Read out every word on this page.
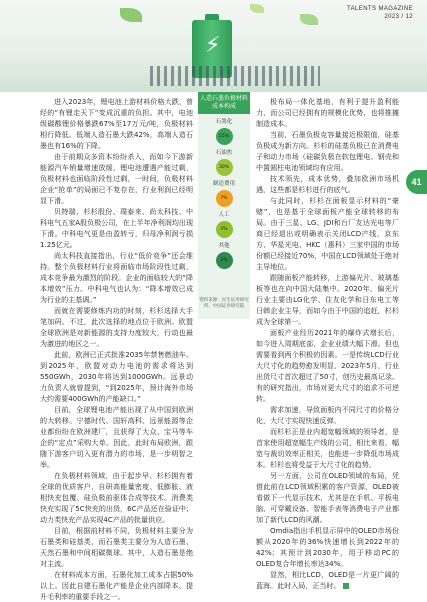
⚡
TALENTS MAGAZINE
2023 / 12

进入2023年，锂电池上游材料价格大跌，曾经的“有锂走天下”变成沉重的负担。其中，电池级碳酸锂价格暴跌67%至17万元/吨，负极材料相行降低。低端人造石墨大跌42%，高端人造石墨也有16%的下降。

由于前期众多资本纷纷杀入，而如今下游新能源汽车销量增速放缓，锂电池遭遇产能过剩，负极材料也面临阶段性过剩，一时间，负极材料企业“抢单”的局面已不复存在，行业利润已经明显下滑。

贝特瑞、杉杉股份、璞泰来、尚太科技、中科电气五家A股负极公司，在上半年净利润均出现下滑。中科电气更是由盈转亏，归母净利润亏损1.25亿元。

尚太科技直接指出，行业“低价竞争”还会维持。整个负极材料行业将面临市场阶段性过剩，成本竞争最为激烈的阶段。企业的面临较大的“降本增效”压力。中科电气也认为：“降本增效已成为行业的主基调。”

而就在需要修炼内功的时刻，杉杉选择大手笔加码。不过，此次选择的地点位于欧洲。欧盟全球欧洲是对新能源的支持力度较大，行动也最为激进的地区之一。

此前，欧洲已正式批准2035年禁售燃油车。到2025年，欧盟对动力电池的需求将达到550GWh，2030年将达到1000GWh。远景动力负责人就曾提到，“到2025年，预计海外市场大约需要400GWh的产能缺口。”

目前，全球锂电池产能出现了从中国到欧洲的大转移。宁德时代、国轩高科、远景能源等企业都纷纷在欧洲建厂，且获得了大众、宝马等车企的“定点”采购大单。因此，此时布局欧洲，跟随下游客户切入更有潜力的市场，是一步明智之举。

在负极材料领域，由于起步早、杉杉拥有着全球的优质客户，自研高能量密度、低膨胀、液相快充包覆、硅负极前驱体合成等技术。消费类快充实现了5C快充的出货，6C产品还在验证中；动力类快充产品实现4C产品的批量供应。

目前，根据前材料不同，负极材料主要分为石墨类和硅基类，而石墨类主要分为人造石墨、天然石墨和中间相碳微球。其中，人造石墨是绝对主流。

在材料成本方面，石墨化加工成本占据50%以上。因此自建石墨化产能是企业内部降本、提升毛利率的重要手段之一。

人造石墨负极材料成本构成
石墨化
55%
石油焦
30%
制造费用
7%
人工
3%
其他
2%
资料来源：民生证券研究所、中国证券研究院

极布局一体化基地，有利于提升盈利能力，而公司已经拥有的规模化优势，也将推摊制造成本。

当前，石墨负极克容量接近极限值，硅基负极成为新方向。杉杉的硅基负极已在消费电子和动力市场（硅碳负极在软包锂电、钢壳和中置圆柱电池领域均有应用。

技术领先，成本优势，叠加欧洲市场机遇，这些都是杉杉进行的底气。

与此同时，杉杉在面板显示材料的“豪赌”，也是基于全球面板产能全球转移的布局。由于三星、LG、JDI和台厂友达光电等厂商已经退出或明确表示关闭LCD产线，京东方、华星光电、HKC（惠科）三家中国的市场份额已经接近70%，中国在LCD领域处于绝对主导地位。

跟随面板产能转移，上游偏光片、玻璃基板等也在向中国大陆集中。2020年，偏光片行业主要由LG化学、住友化学和日东电工等日韩企业主导，而如今由于中国的追赶，杉杉成为全球第一。

面板产业经历2021年的爆炸式增长后，如今进入周期底部，企业业绩大幅下滑。但也需要看到两个积极的因素。一是传统LCD行业大尺寸化的趋势愈发明显，2023年5月，行业出货尺寸首次超过了50寸，创历史最高记录。有的研究指出，市场对更大尺寸的追求不可逆转。

需求加速，导致面板内不同尺寸的价格分化，大尺寸实现快速反弹。

而杉杉正是业内超宽幅领域的领导者，是首家使用超宽幅生产线的公司，相比来看，幅宽与裁切效率正相关，也能进一步降低市场成本。杉杉也将受益于大尺寸化的趋势。

另一方面，公司在OLED领域的布局，凭借此前在LCD领域积累的客户资源，OLED被看做下一代显示技术，尤其是在手机、平板电脑、可穿戴设备、智能手表等消费电子产业都加了新代LCD的风潮。

Omdia指出手机显示屏中的OLED市场份额从2020年的36%快速增长到2022年的42%；其预计到2030年，用于移动PC的OLED复合年增长率达34%。

显然，相比LCD，OLED是一片更广阔的蓝海。此时入局，正当时。

41
